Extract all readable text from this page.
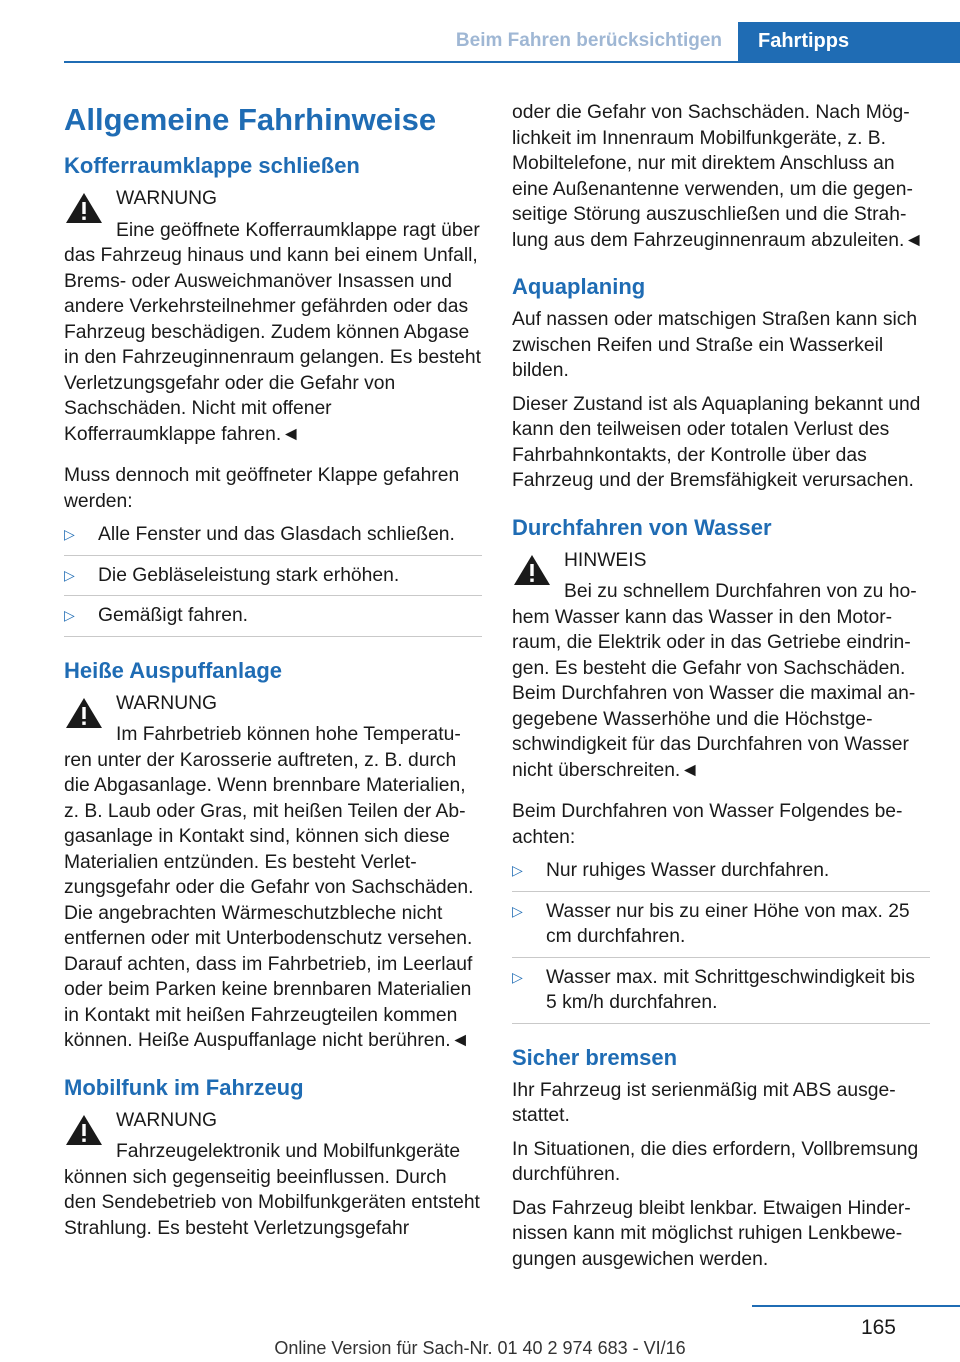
Beim Fahren berücksichtigen	Fahrtipps
Allgemeine Fahrhinweise
Kofferraumklappe schließen
WARNUNG
Eine geöffnete Kofferraumklappe ragt über das Fahrzeug hinaus und kann bei einem Unfall, Brems- oder Ausweichmanöver Insassen und andere Verkehrsteilnehmer gefährden oder das Fahrzeug beschädigen. Zudem können Abgase in den Fahrzeuginnenraum gelangen. Es besteht Verletzungsgefahr oder die Gefahr von Sachschäden. Nicht mit offener Kofferraumklappe fahren.◄
Muss dennoch mit geöffneter Klappe gefahren werden:
▷ Alle Fenster und das Glasdach schließen.
▷ Die Gebläseleistung stark erhöhen.
▷ Gemäßigt fahren.
Heiße Auspuffanlage
WARNUNG
Im Fahrbetrieb können hohe Temperaturen unter der Karosserie auftreten, z. B. durch die Abgasanlage. Wenn brennbare Materialien, z. B. Laub oder Gras, mit heißen Teilen der Abgasanlage in Kontakt sind, können sich diese Materialien entzünden. Es besteht Verletzungsgefahr oder die Gefahr von Sachschäden. Die angebrachten Wärmeschutzbleche nicht entfernen oder mit Unterbodenschutz versehen. Darauf achten, dass im Fahrbetrieb, im Leerlauf oder beim Parken keine brennbaren Materialien in Kontakt mit heißen Fahrzeugteilen kommen können. Heiße Auspuffanlage nicht berühren.◄
Mobilfunk im Fahrzeug
WARNUNG
Fahrzeugelektronik und Mobilfunkgeräte können sich gegenseitig beeinflussen. Durch den Sendebetrieb von Mobilfunkgeräten entsteht Strahlung. Es besteht Verletzungsgefahr
oder die Gefahr von Sachschäden. Nach Möglichkeit im Innenraum Mobilfunkgeräte, z. B. Mobiltelefone, nur mit direktem Anschluss an eine Außenantenne verwenden, um die gegenseitige Störung auszuschließen und die Strahlung aus dem Fahrzeuginnenraum abzuleiten.◄
Aquaplaning
Auf nassen oder matschigen Straßen kann sich zwischen Reifen und Straße ein Wasserkeil bilden.
Dieser Zustand ist als Aquaplaning bekannt und kann den teilweisen oder totalen Verlust des Fahrbahnkontakts, der Kontrolle über das Fahrzeug und der Bremsfähigkeit verursachen.
Durchfahren von Wasser
HINWEIS
Bei zu schnellem Durchfahren von zu hohem Wasser kann das Wasser in den Motorraum, die Elektrik oder in das Getriebe eindringen. Es besteht die Gefahr von Sachschäden. Beim Durchfahren von Wasser die maximal angegebene Wasserhöhe und die Höchstgeschwindigkeit für das Durchfahren von Wasser nicht überschreiten.◄
Beim Durchfahren von Wasser Folgendes beachten:
▷ Nur ruhiges Wasser durchfahren.
▷ Wasser nur bis zu einer Höhe von max. 25 cm durchfahren.
▷ Wasser max. mit Schrittgeschwindigkeit bis 5 km/h durchfahren.
Sicher bremsen
Ihr Fahrzeug ist serienmäßig mit ABS ausgestattet.
In Situationen, die dies erfordern, Vollbremsung durchführen.
Das Fahrzeug bleibt lenkbar. Etwaigen Hindernissen kann mit möglichst ruhigen Lenkbewegungen ausgewichen werden.
165
Online Version für Sach-Nr. 01 40 2 974 683 - VI/16
